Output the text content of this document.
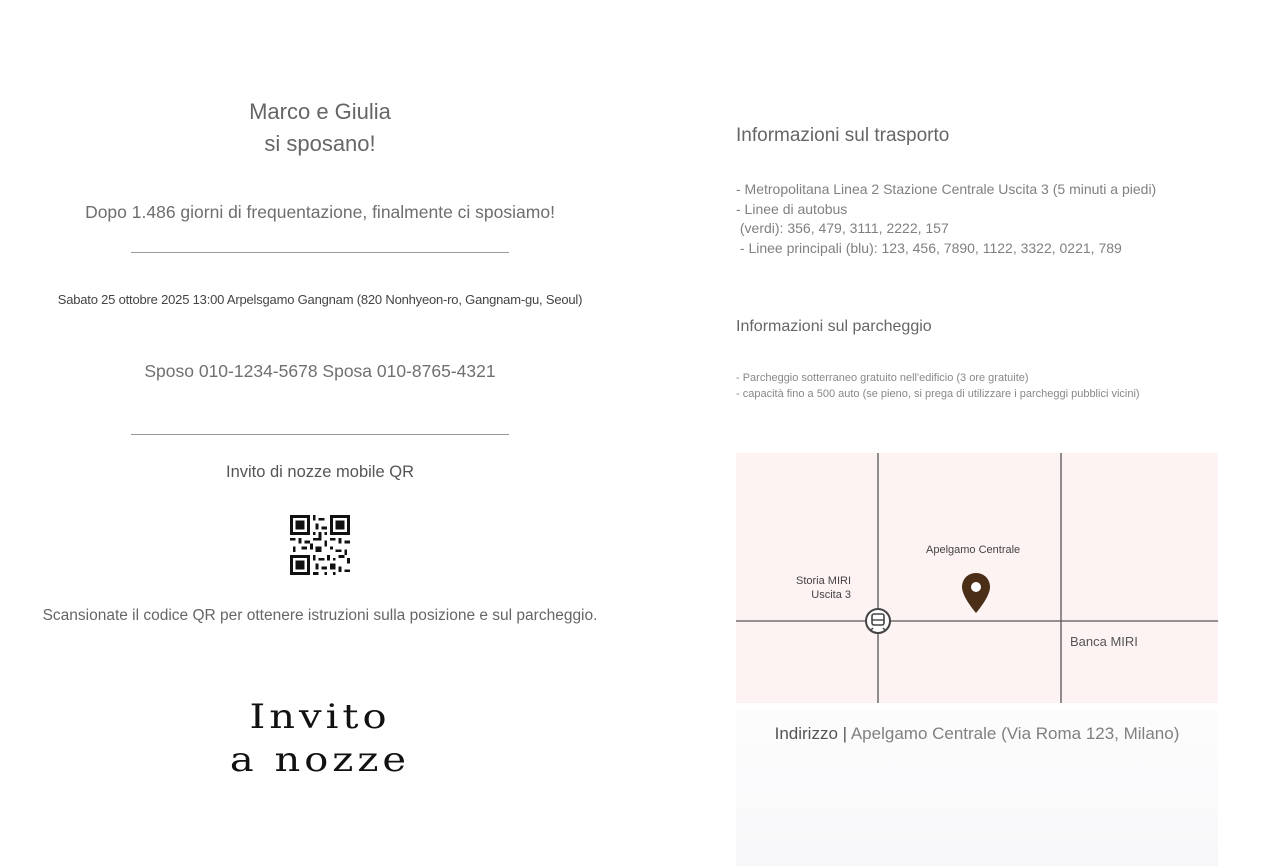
Marco e Giulia
si sposano!
Dopo 1.486 giorni di frequentazione, finalmente ci sposiamo!
Sabato 25 ottobre 2025 13:00 Arpelsgamo Gangnam (820 Nonhyeon-ro, Gangnam-gu, Seoul)
Sposo 010-1234-5678 Sposa 010-8765-4321
Invito di nozze mobile QR
Scansionate il codice QR per ottenere istruzioni sulla posizione e sul parcheggio.
Invito
a nozze
Informazioni sul trasporto
- Metropolitana Linea 2 Stazione Centrale Uscita 3 (5 minuti a piedi)
- Linee di autobus
(verdi): 356, 479, 3111, 2222, 157
- Linee principali (blu): 123, 456, 7890, 1122, 3322, 0221, 789
Informazioni sul parcheggio
- Parcheggio sotterraneo gratuito nell'edificio (3 ore gratuite)
- capacità fino a 500 auto (se pieno, si prega di utilizzare i parcheggi pubblici vicini)
Apelgamo Centrale
Storia MIRI
Uscita 3
Banca MIRI
Indirizzo | Apelgamo Centrale (Via Roma 123, Milano)
